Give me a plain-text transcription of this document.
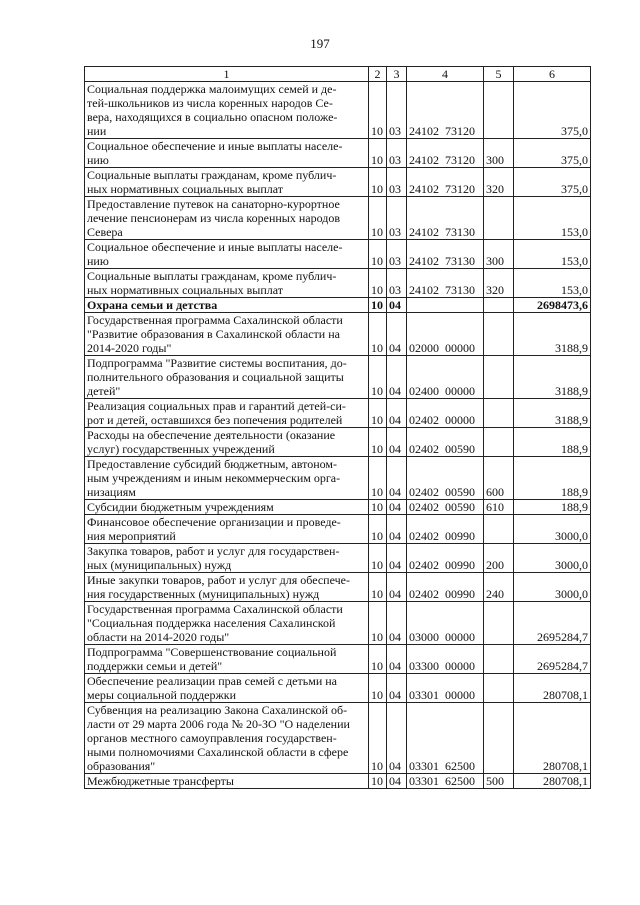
197
1	2	3	4	5	6
Социальная поддержка малоимущих семей и де-
тей-школьников из числа коренных народов Се-
вера, находящихся в социально опасном положе-
нии	10	03	24102  73120		375,0
Социальное обеспечение и иные выплаты населе-
нию	10	03	24102  73120	300	375,0
Социальные выплаты гражданам, кроме публич-
ных нормативных социальных выплат	10	03	24102  73120	320	375,0
Предоставление путевок на санаторно-курортное
лечение пенсионерам из числа коренных народов
Севера	10	03	24102  73130		153,0
Социальное обеспечение и иные выплаты населе-
нию	10	03	24102  73130	300	153,0
Социальные выплаты гражданам, кроме публич-
ных нормативных социальных выплат	10	03	24102  73130	320	153,0
Охрана семьи и детства	10	04			2698473,6
Государственная программа Сахалинской области
"Развитие образования в Сахалинской области на
2014-2020 годы"	10	04	02000  00000		3188,9
Подпрограмма "Развитие системы воспитания, до-
полнительного образования и социальной защиты
детей"	10	04	02400  00000		3188,9
Реализация социальных прав и гарантий детей-си-
рот и детей, оставшихся без попечения родителей	10	04	02402  00000		3188,9
Расходы на обеспечение деятельности (оказание
услуг) государственных учреждений	10	04	02402  00590		188,9
Предоставление субсидий бюджетным, автоном-
ным учреждениям и иным некоммерческим орга-
низациям	10	04	02402  00590	600	188,9
Субсидии бюджетным учреждениям	10	04	02402  00590	610	188,9
Финансовое обеспечение организации и проведе-
ния мероприятий	10	04	02402  00990		3000,0
Закупка товаров, работ и услуг для государствен-
ных (муниципальных) нужд	10	04	02402  00990	200	3000,0
Иные закупки товаров, работ и услуг для обеспече-
ния государственных (муниципальных) нужд	10	04	02402  00990	240	3000,0
Государственная программа Сахалинской области
"Социальная поддержка населения Сахалинской
области на 2014-2020 годы"	10	04	03000  00000		2695284,7
Подпрограмма "Совершенствование социальной
поддержки семьи и детей"	10	04	03300  00000		2695284,7
Обеспечение реализации прав семей с детьми на
меры социальной поддержки	10	04	03301  00000		280708,1
Субвенция на реализацию Закона Сахалинской об-
ласти от 29 марта 2006 года № 20-ЗО "О наделении
органов местного самоуправления государствен-
ными полномочиями Сахалинской области в сфере
образования"	10	04	03301  62500		280708,1
Межбюджетные трансферты	10	04	03301  62500	500	280708,1
